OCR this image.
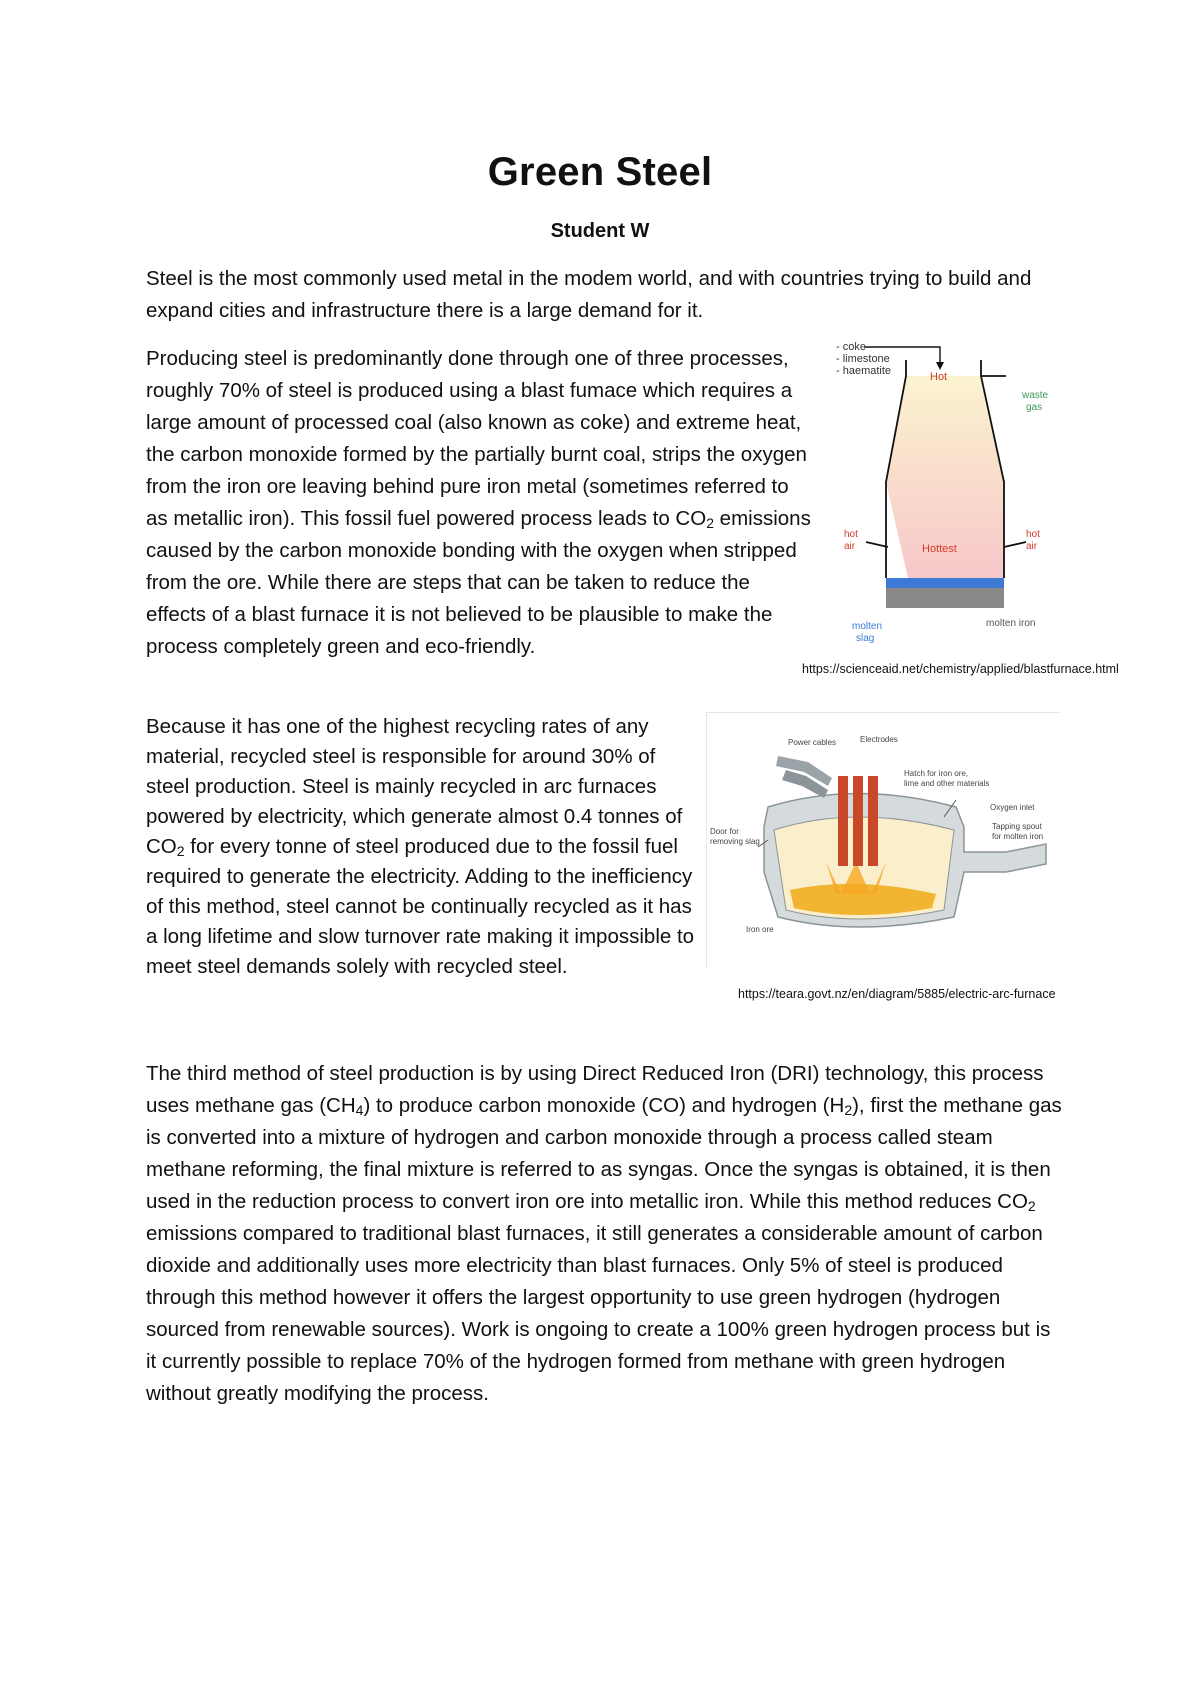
Green Steel

Student W

Steel is the most commonly used metal in the modem world, and with countries trying to build and expand cities and infrastructure there is a large demand for it.

Producing steel is predominantly done through one of three processes, roughly 70% of steel is produced using a blast fumace which requires a large amount of processed coal (also known as coke) and extreme heat, the carbon monoxide formed by the partially burnt coal, strips the oxygen from the iron ore leaving behind pure iron metal (sometimes referred to as metallic iron). This fossil fuel powered process leads to $CO_2$ emissions caused by the carbon monoxide bonding with the oxygen when stripped from the ore. While there are steps that can be taken to reduce the effects of a blast furnace it is not believed to be plausible to make the process completely green and eco-friendly.

- coke
- limestone
- haematite	Hot
waste
gas
hot
air	Hottest
hot
air
molten
slag
molten iron

https://scienceaid.net/chemistry/applied/blastfurnace.html

Because it has one of the highest recycling rates of any material, recycled steel is responsible for around 30% of steel production. Steel is mainly recycled in arc furnaces powered by electricity, which generate almost 0.4 tonnes of $CO_2$ for every tonne of steel produced due to the fossil fuel required to generate the electricity. Adding to the inefficiency of this method, steel cannot be continually recycled as it has a long lifetime and slow turnover rate making it impossible to meet steel demands solely with recycled steel.

Power cables	Electrodes
Hatch for iron ore,
lime and other materials
Oxygen inlet
Tapping spout
for molten iron
Door for
removing slag
Iron ore

https://teara.govt.nz/en/diagram/5885/electric-arc-furnace

The third method of steel production is by using Direct Reduced Iron (DRI) technology, this process uses methane gas $(CH_4)$ to produce carbon monoxide (CO) and hydrogen $(H_2)$, first the methane gas is converted into a mixture of hydrogen and carbon monoxide through a process called steam methane reforming, the final mixture is referred to as syngas. Once the syngas is obtained, it is then used in the reduction process to convert iron ore into metallic iron. While this method reduces $CO_2$ emissions compared to traditional blast furnaces, it still generates a considerable amount of carbon dioxide and additionally uses more electricity than blast furnaces. Only 5% of steel is produced through this method however it offers the largest opportunity to use green hydrogen (hydrogen sourced from renewable sources). Work is ongoing to create a 100% green hydrogen process but is it currently possible to replace 70% of the hydrogen formed from methane with green hydrogen without greatly modifying the process.
